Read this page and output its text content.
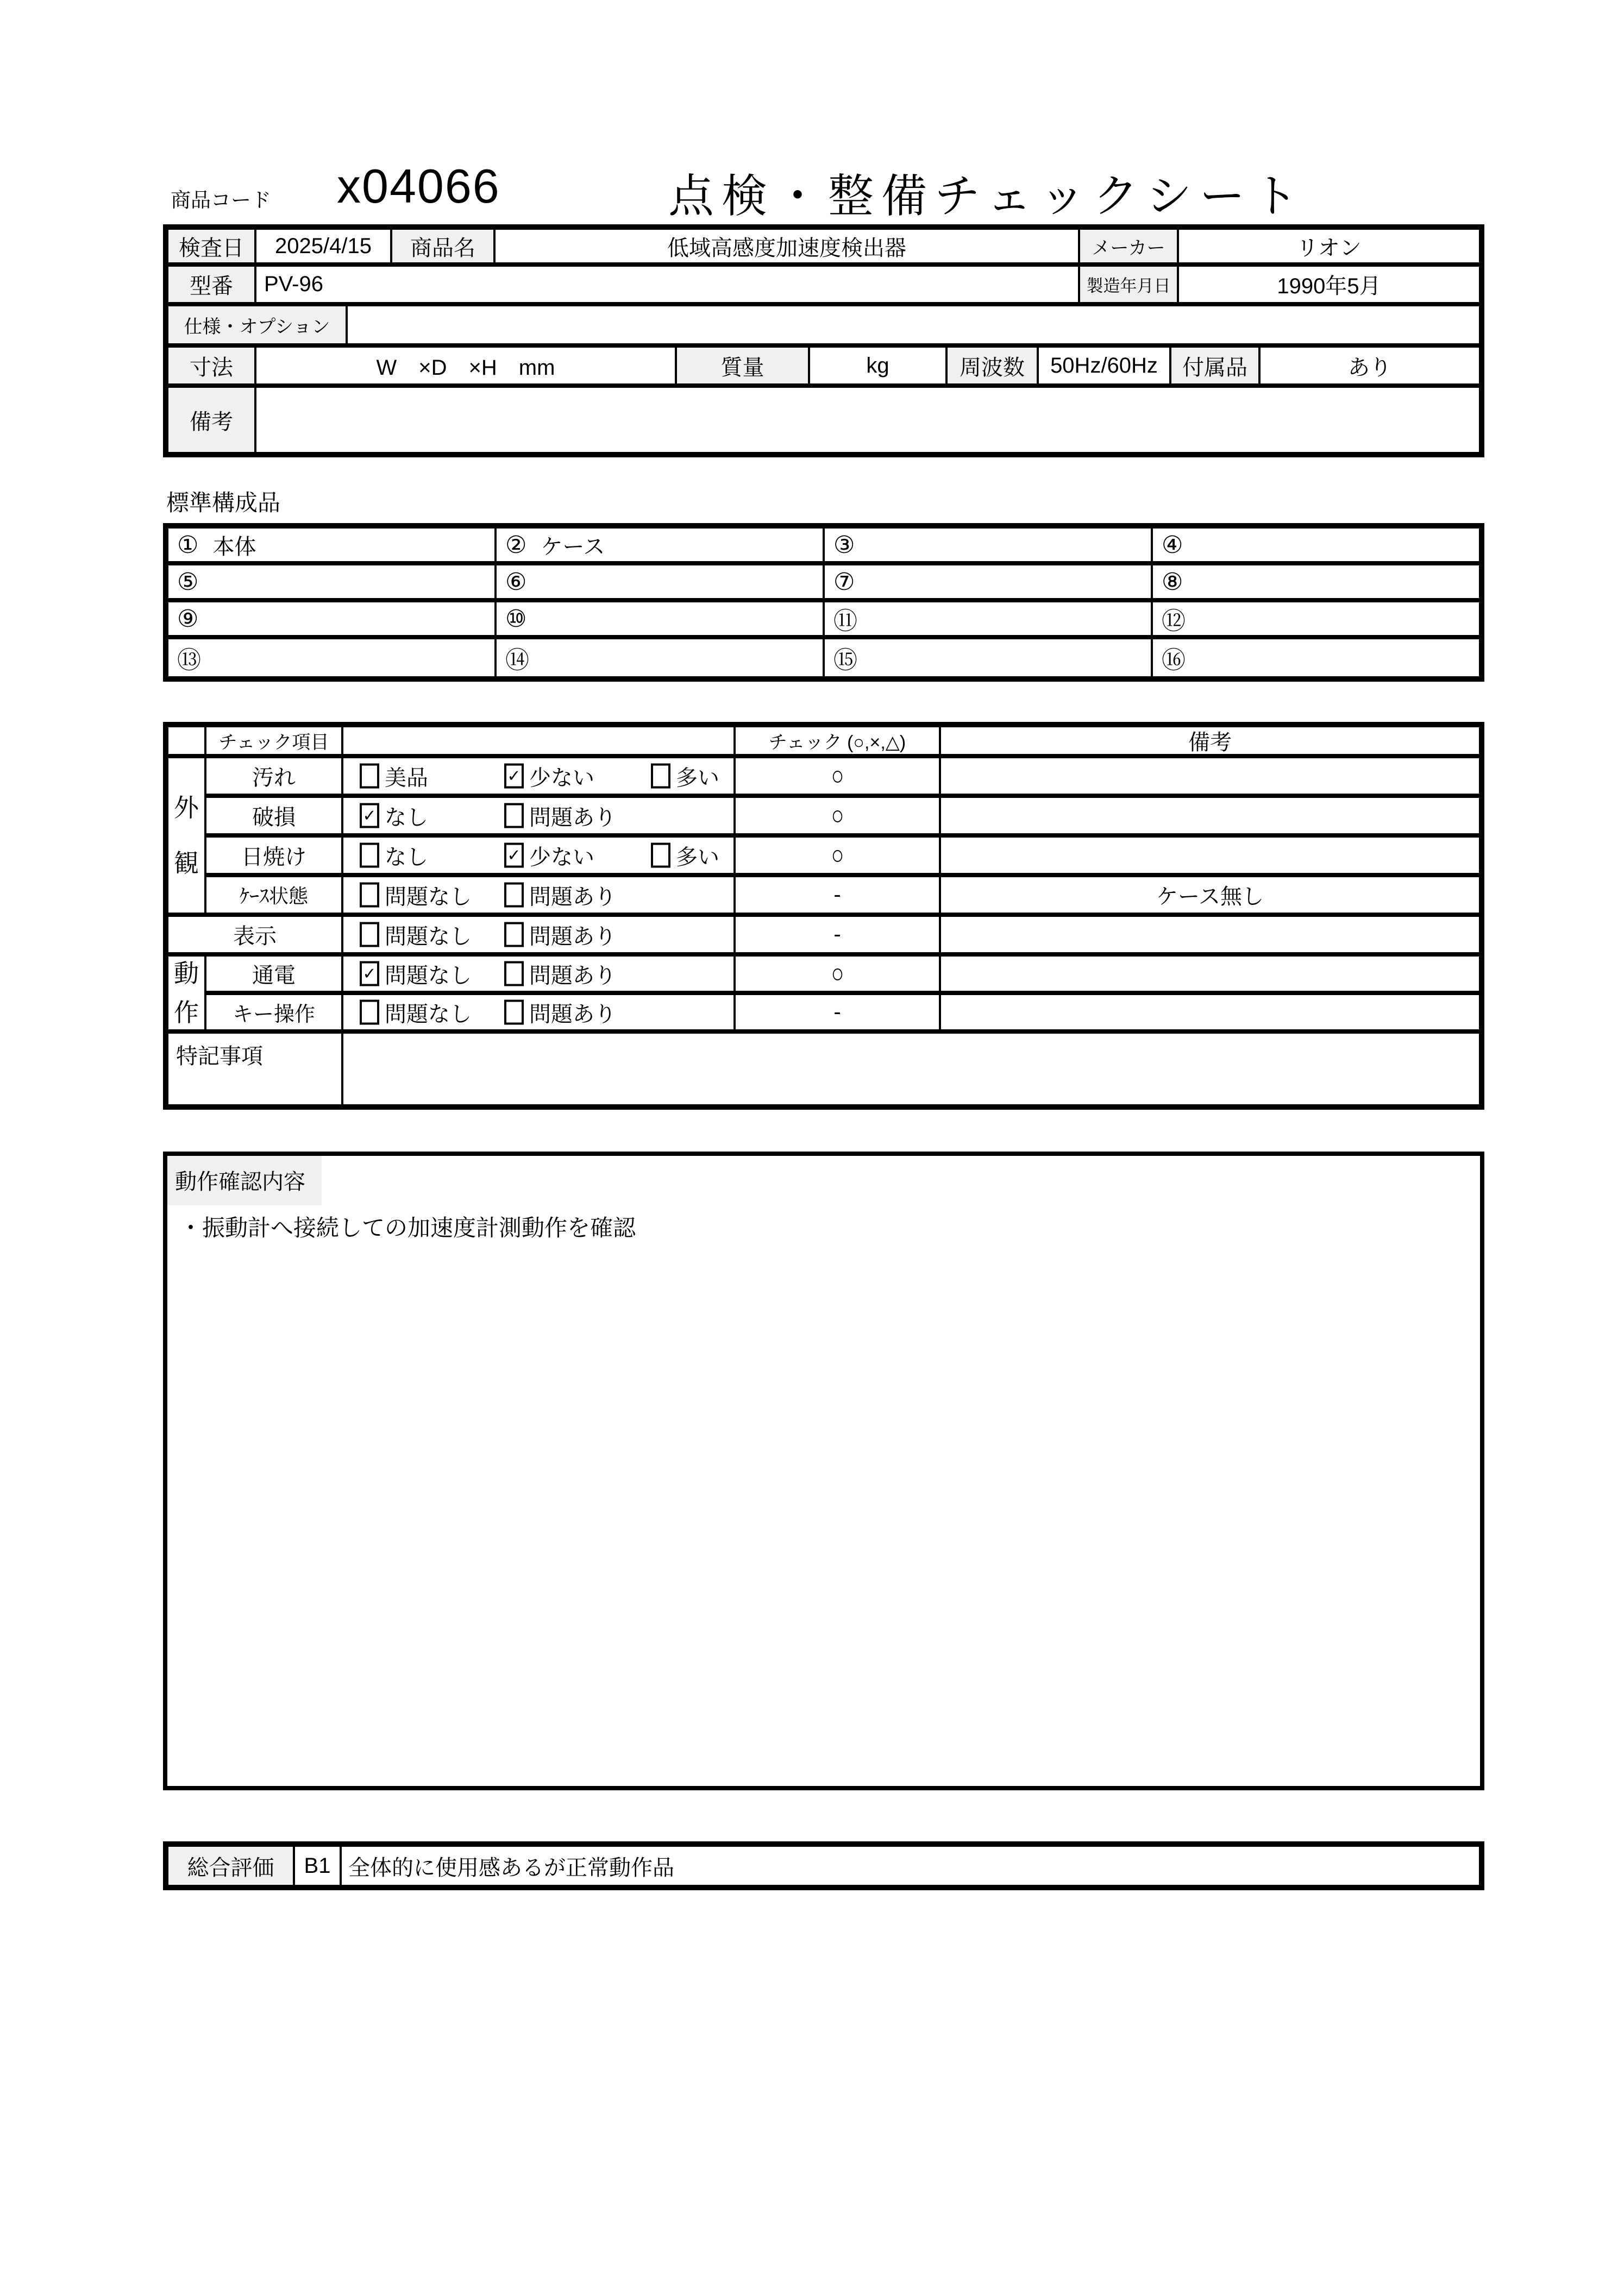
商品コード x04066	点検・整備チェックシート
検査日	2025/4/15	商品名	低域高感度加速度検出器	メーカー	リオン
型番	PV-96	製造年月日	1990年5月
仕様・オプション
寸法	W　×D　×H　mm	質量	kg	周波数	50Hz/60Hz	付属品	あり
備考
標準構成品
① 本体	② ケース	③	④
⑤	⑥	⑦	⑧
⑨	⑩	⑪	⑫
⑬	⑭	⑮	⑯
チェック項目	チェック (○,×,△)	備考
外
観
汚れ	美品	✓ 少ない	多い	○
破損	✓ なし	問題あり	○
日焼け	なし	✓ 少ない	多い	○
ｹｰｽ状態	問題なし	問題あり	-	ケース無し
表示	問題なし	問題あり	-
動
作
通電	✓ 問題なし	問題あり	○
キー操作	問題なし	問題あり	-
特記事項
動作確認内容
・振動計へ接続しての加速度計測動作を確認
総合評価	B1 全体的に使用感あるが正常動作品
